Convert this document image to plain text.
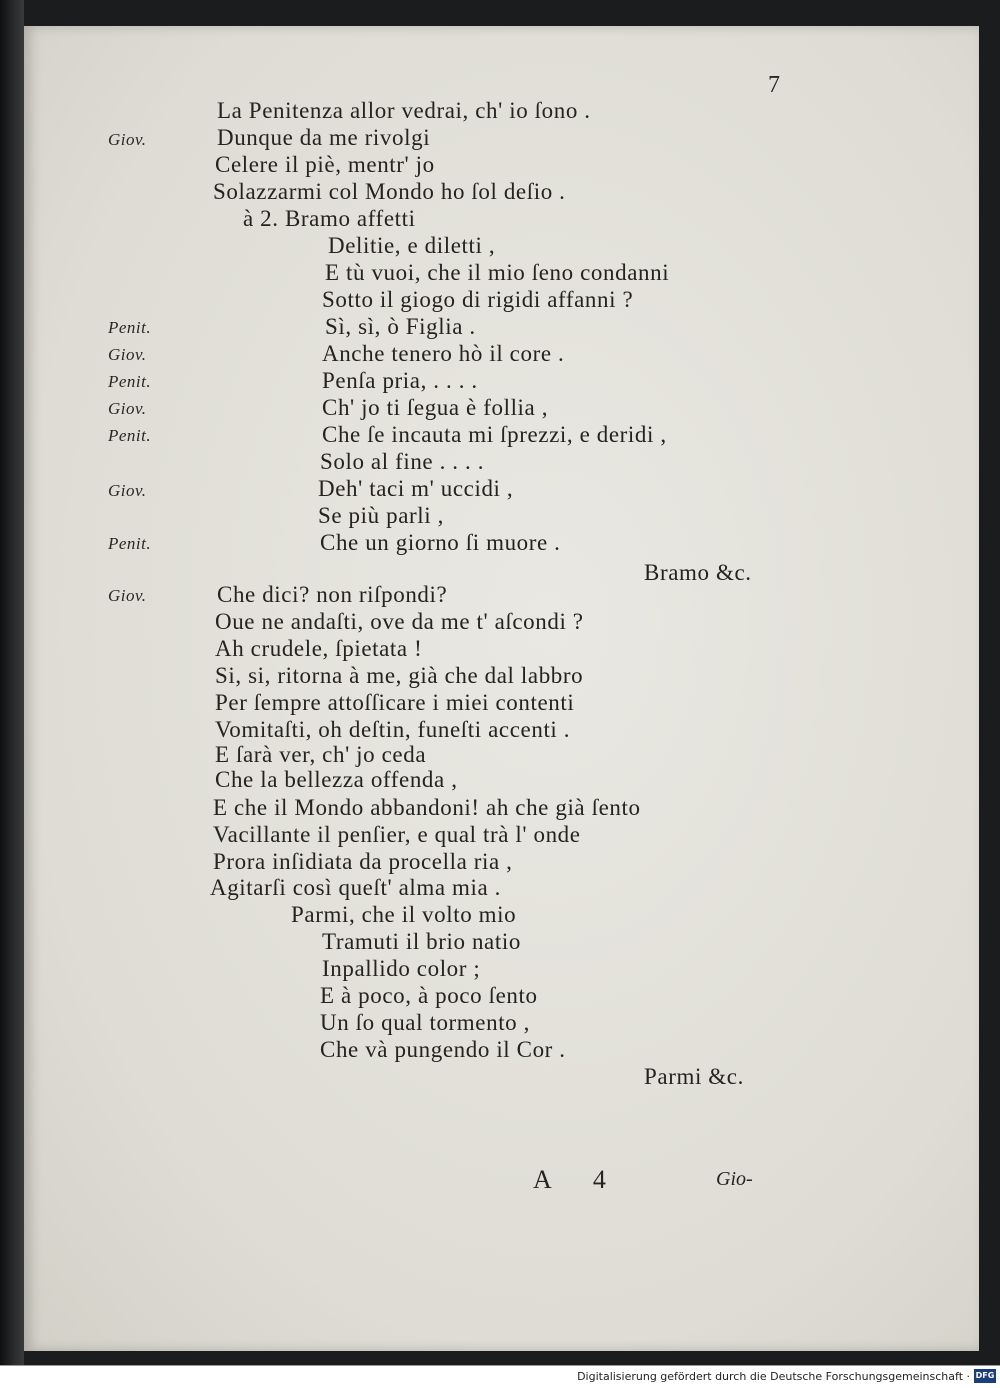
7
Giov.
Penit.
Giov.
Penit.
Giov.
Penit.
Giov.
Penit.
Giov.
La Penitenza allor vedrai, ch' io ſono .
Dunque da me rivolgi
Celere il piè, mentr' jo
Solazzarmi col Mondo ho ſol deſio .
à 2. Bramo affetti
Delitie, e diletti ,
E tù vuoi, che il mio ſeno condanni
Sotto il giogo di rigidi affanni ?
Sì, sì, ò Figlia .
Anche tenero hò il core .
Penſa pria, . . . .
Ch' jo ti ſegua è follia ,
Che ſe incauta mi ſprezzi, e deridi ,
Solo al fine . . . .
Deh' taci m' uccidi ,
Se più parli ,
Che un giorno ſi muore .
Bramo &c.
Che dici? non riſpondi?
Oue ne andaſti, ove da me t' aſcondi ?
Ah crudele, ſpietata !
Si, si, ritorna à me, già che dal labbro
Per ſempre attoſſicare i miei contenti
Vomitaſti, oh deſtin, funeſti accenti .
E ſarà ver, ch' jo ceda
Che la bellezza offenda ,
E che il Mondo abbandoni! ah che già ſento
Vacillante il penſier, e qual trà l' onde
Prora inſidiata da procella ria ,
Agitarſi così queſt' alma mia .
Parmi, che il volto mio
Tramuti il brio natio
Inpallido color ;
E à poco, à poco ſento
Un ſo qual tormento ,
Che và pungendo il Cor .
Parmi &c.
A 4	Gio-
Digitalisierung gefördert durch die Deutsche Forschungsgemeinschaft · DFG
